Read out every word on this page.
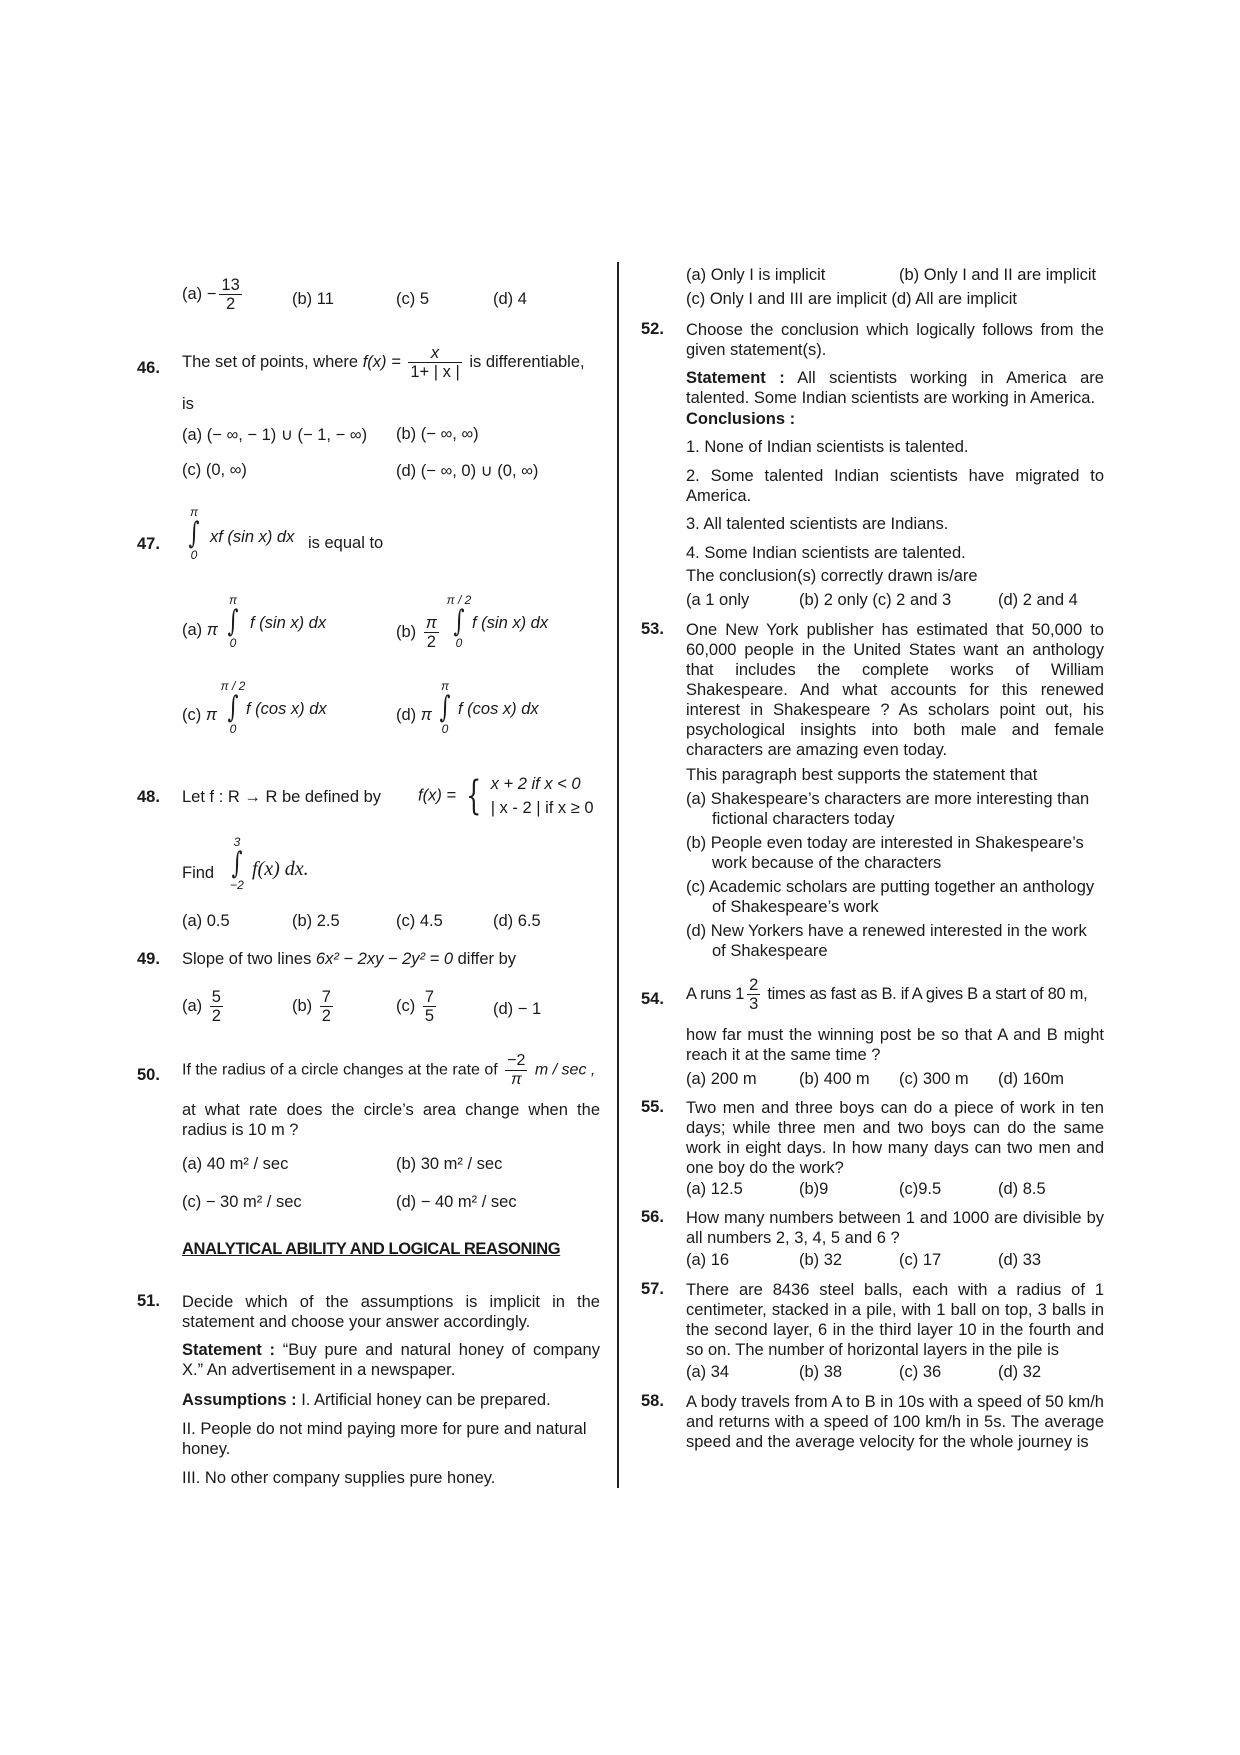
$(a) - \frac{13}{2}$	(b) 11	(c) 5	(d) 4
46. The set of points, where $f(x) = \frac{x}{1+ | x |}$ is differentiable,
is
(a) (− ∞, − 1) ∪ (− 1, − ∞) (b) (− ∞, ∞)
(c) (0, ∞)	(d) (− ∞, 0) ∪ (0, ∞)
47.
π
∫
0
xf (sin x) dx is equal to
(a) π
π
∫
0
f (sin x) dx	$(b) \frac{\pi}{2}$
π / 2
∫
0
f (sin x) dx
(c) π
π / 2
∫
0
f (cos x) dx	(d) π
π
∫
0
f (cos x) dx
48. Let f : R → R be defined by f(x) = { x + 2 if x < 0
| x - 2 | if x ≥ 0
Find
3
∫
−2
f(x) dx.
(a) 0.5	(b) 2.5	(c) 4.5	(d) 6.5
49. Slope of two lines 6x² − 2xy − 2y² = 0 differ by
$(a) \frac{5}{2}$	$(b) \frac{7}{2}$	$(c) \frac{7}{5}$	(d) − 1
50. If the radius of a circle changes at the rate of $\frac{-2}{\pi}$ m / sec ,
at what rate does the circle’s area change when the radius is 10 m ?
(a) 40 m² / sec	(b) 30 m² / sec
(c) − 30 m² / sec	(d) − 40 m² / sec
ANALYTICAL ABILITY AND LOGICAL REASONING
51. Decide which of the assumptions is implicit in the statement and choose your answer accordingly.
Statement : “Buy pure and natural honey of company X.” An advertisement in a newspaper.
Assumptions : I. Artificial honey can be prepared.
II. People do not mind paying more for pure and natural honey.
III. No other company supplies pure honey.
(a) Only I is implicit	(b) Only I and II are implicit
(c) Only I and III are implicit (d) All are implicit
52. Choose the conclusion which logically follows from the given statement(s).
Statement : All scientists working in America are talented. Some Indian scientists are working in America.
Conclusions :
1. None of Indian scientists is talented.
2. Some talented Indian scientists have migrated to America.
3. All talented scientists are Indians.
4. Some Indian scientists are talented.
The conclusion(s) correctly drawn is/are
(a 1 only	(b) 2 only (c) 2 and 3	(d) 2 and 4
53. One New York publisher has estimated that 50,000 to 60,000 people in the United States want an anthology that includes the complete works of William Shakespeare. And what accounts for this renewed interest in Shakespeare ? As scholars point out, his psychological insights into both male and female characters are amazing even today.
This paragraph best supports the statement that
(a) Shakespeare’s characters are more interesting than fictional characters today
(b) People even today are interested in Shakespeare’s work because of the characters
(c) Academic scholars are putting together an anthology of Shakespeare’s work
(d) New Yorkers have a renewed interested in the work of Shakespeare
54. A runs $1 \frac{2}{3}$ times as fast as B. if A gives B a start of 80 m,
how far must the winning post be so that A and B might reach it at the same time ?
(a) 200 m	(b) 400 m (c) 300 m (d) 160m
55. Two men and three boys can do a piece of work in ten days; while three men and two boys can do the same work in eight days. In how many days can two men and one boy do the work?
(a) 12.5	(b)9	(c)9.5	(d) 8.5
56. How many numbers between 1 and 1000 are divisible by all numbers 2, 3, 4, 5 and 6 ?
(a) 16	(b) 32	(c) 17	(d) 33
57. There are 8436 steel balls, each with a radius of 1 centimeter, stacked in a pile, with 1 ball on top, 3 balls in the second layer, 6 in the third layer 10 in the fourth and so on. The number of horizontal layers in the pile is
(a) 34	(b) 38	(c) 36	(d) 32
58. A body travels from A to B in 10s with a speed of 50 km/h and returns with a speed of 100 km/h in 5s. The average speed and the average velocity for the whole journey is
